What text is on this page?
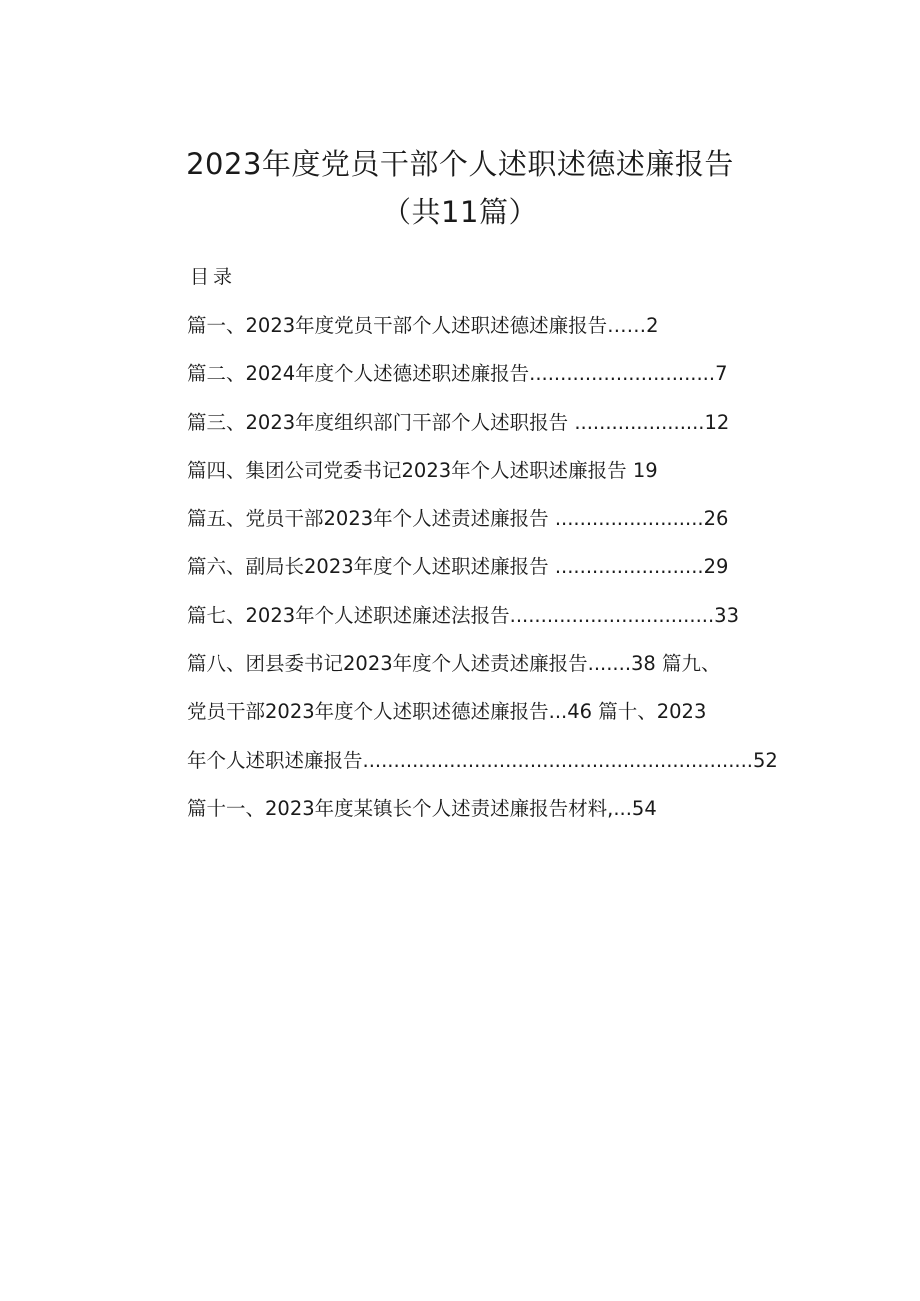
2023年度党员干部个人述职述德述廉报告
（共11篇）
目录
篇一、2023年度党员干部个人述职述德述廉报告……2
篇二、2024年度个人述德述职述廉报告..............................7
篇三、2023年度组织部门干部个人述职报告 .....................12
篇四、集团公司党委书记2023年个人述职述廉报告 19
篇五、党员干部2023年个人述责述廉报告 ........................26
篇六、副局长2023年度个人述职述廉报告 ........................29
篇七、2023年个人述职述廉述法报告.................................33
篇八、团县委书记2023年度个人述责述廉报告.......38 篇九、
党员干部2023年度个人述职述德述廉报告...46 篇十、2023
年个人述职述廉报告...............................................................52
篇十一、2023年度某镇长个人述责述廉报告材料,...54
